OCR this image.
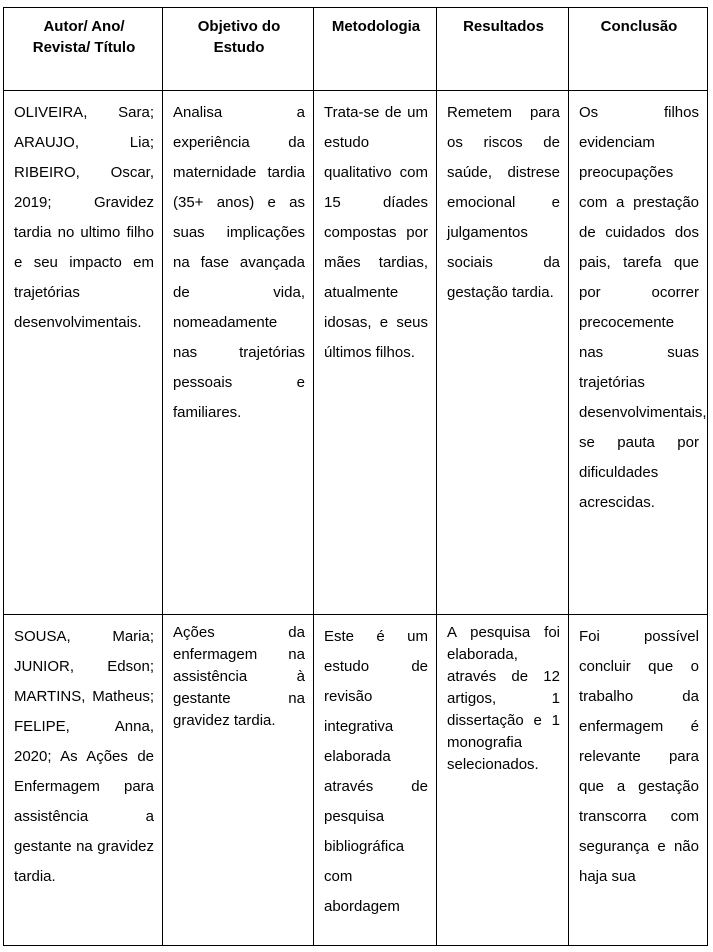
Autor/ Ano/ Revista/ Título	Objetivo do Estudo	Metodologia	Resultados	Conclusão

OLIVEIRA, Sara; ARAUJO, Lia; RIBEIRO, Oscar, 2019; Gravidez tardia no ultimo filho e seu impacto em trajetórias desenvolvimentais.	Analisa a experiência da maternidade tardia (35+ anos) e as suas implicações na fase avançada de vida, nomeadamente nas trajetórias pessoais e familiares.	Trata-se de um estudo qualitativo com 15 díades compostas por mães tardias, atualmente idosas, e seus últimos filhos.	Remetem para os riscos de saúde, distrese emocional e julgamentos sociais da gestação tardia.	Os filhos evidenciam preocupações com a prestação de cuidados dos pais, tarefa que por ocorrer precocemente nas suas trajetórias desenvolvimentais, se pauta por dificuldades acrescidas.

SOUSA, Maria; JUNIOR, Edson; MARTINS, Matheus; FELIPE, Anna, 2020; As Ações de Enfermagem para assistência a gestante na gravidez tardia.	Ações da enfermagem na assistência à gestante na gravidez tardia.	Este é um estudo de revisão integrativa elaborada através de pesquisa bibliográfica com abordagem	A pesquisa foi elaborada, através de 12 artigos, 1 dissertação e 1 monografia selecionados.	Foi possível concluir que o trabalho da enfermagem é relevante para que a gestação transcorra com segurança e não haja sua
